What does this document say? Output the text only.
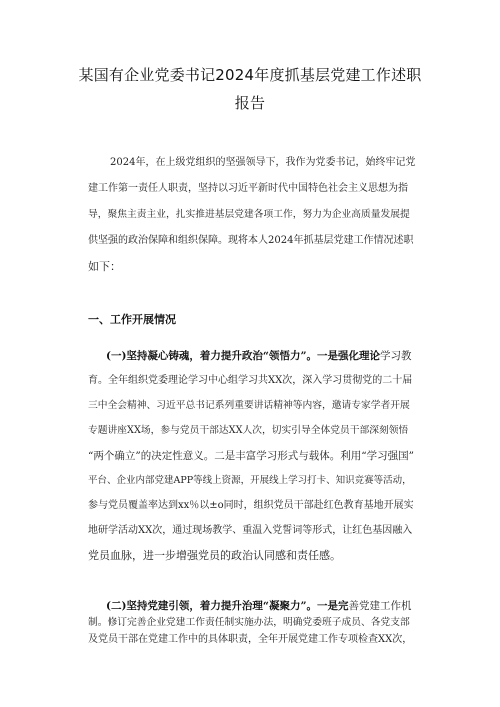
某国有企业党委书记2024年度抓基层党建工作述职
报告
2024年，在上级党组织的坚强领导下，我作为党委书记，始终牢记党
建工作第一责任人职责，坚持以习近平新时代中国特色社会主义思想为指
导，聚焦主责主业，扎实推进基层党建各项工作，努力为企业高质量发展提
供坚强的政治保障和组织保障。现将本人2024年抓基层党建工作情况述职
如下：
一、工作开展情况
(一)坚持凝心铸魂，着力提升政治“领悟力”。一是强化理论学习教
育。全年组织党委理论学习中心组学习共XX次，深入学习贯彻党的二十届
三中全会精神、习近平总书记系列重要讲话精神等内容，邀请专家学者开展
专题讲座XX场，参与党员干部达XX人次，切实引导全体党员干部深刻领悟
“两个确立”的决定性意义。二是丰富学习形式与载体。利用“学习强国”
平台、企业内部党建APP等线上资源，开展线上学习打卡、知识竞赛等活动，
参与党员覆盖率达到xx％以±o同时，组织党员干部赴红色教育基地开展实
地研学活动XX次，通过现场教学、重温入党誓词等形式，让红色基因融入
党员血脉，进一步增强党员的政治认同感和责任感。
(二)坚持党建引领，着力提升治理“凝聚力”。一是完善党建工作机
制。修订完善企业党建工作责任制实施办法，明确党委班子成员、各党支部
及党员干部在党建工作中的具体职责，全年开展党建工作专项检查XX次，
